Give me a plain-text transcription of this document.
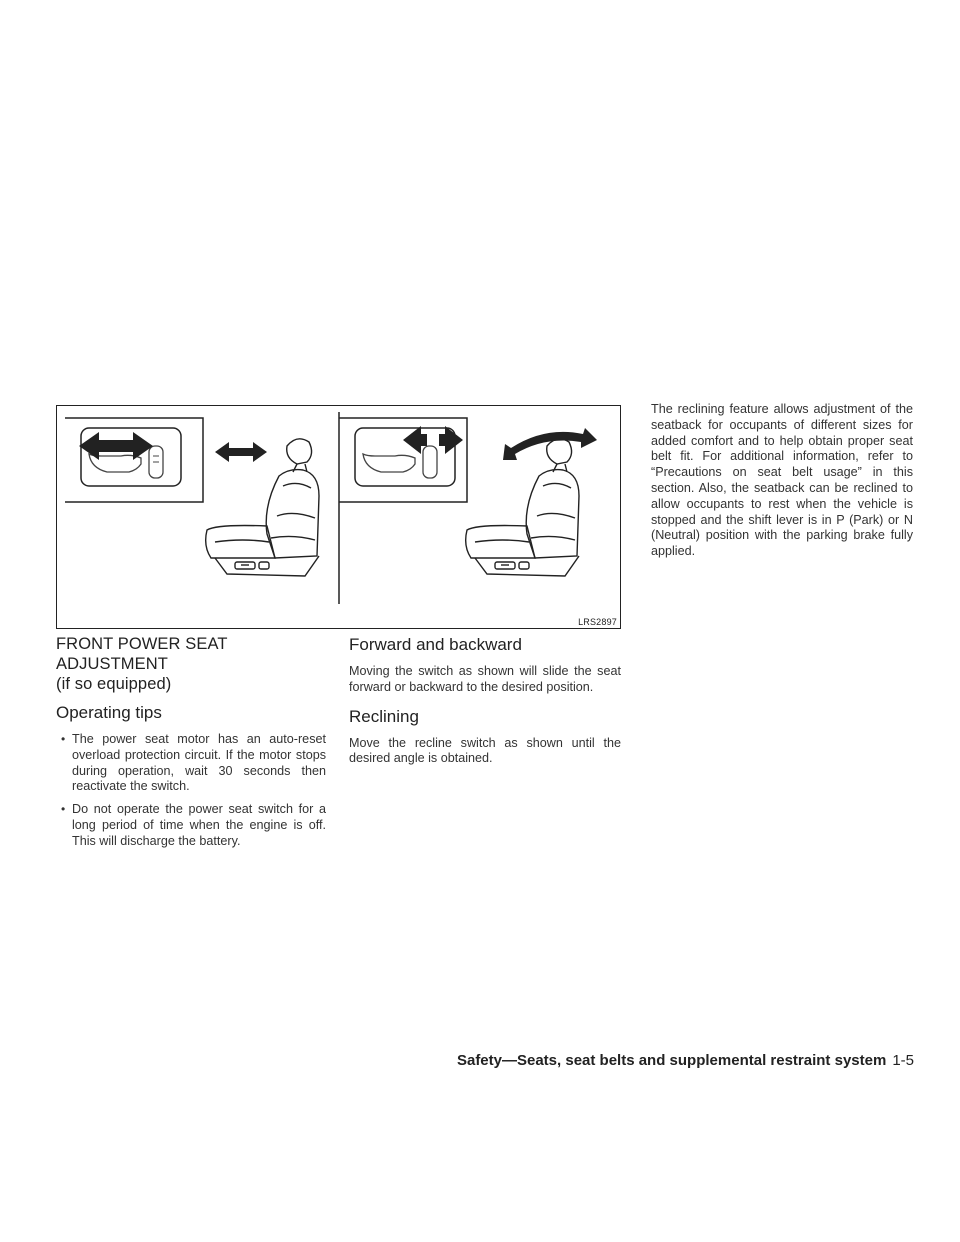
LRS2897
FRONT POWER SEAT ADJUSTMENT
(if so equipped)
Operating tips
• The power seat motor has an auto-reset overload protection circuit. If the motor stops during operation, wait 30 seconds then reactivate the switch.
• Do not operate the power seat switch for a long period of time when the engine is off. This will discharge the battery.
Forward and backward

Moving the switch as shown will slide the seat forward or backward to the desired position.

Reclining

Move the recline switch as shown until the desired angle is obtained.

The reclining feature allows adjustment of the seatback for occupants of different sizes for added comfort and to help obtain proper seat belt fit. For additional information, refer to “Precautions on seat belt usage” in this section. Also, the seatback can be reclined to allow occupants to rest when the vehicle is stopped and the shift lever is in P (Park) or N (Neutral) position with the parking brake fully applied.

Safety—Seats, seat belts and supplemental restraint system 1-5
